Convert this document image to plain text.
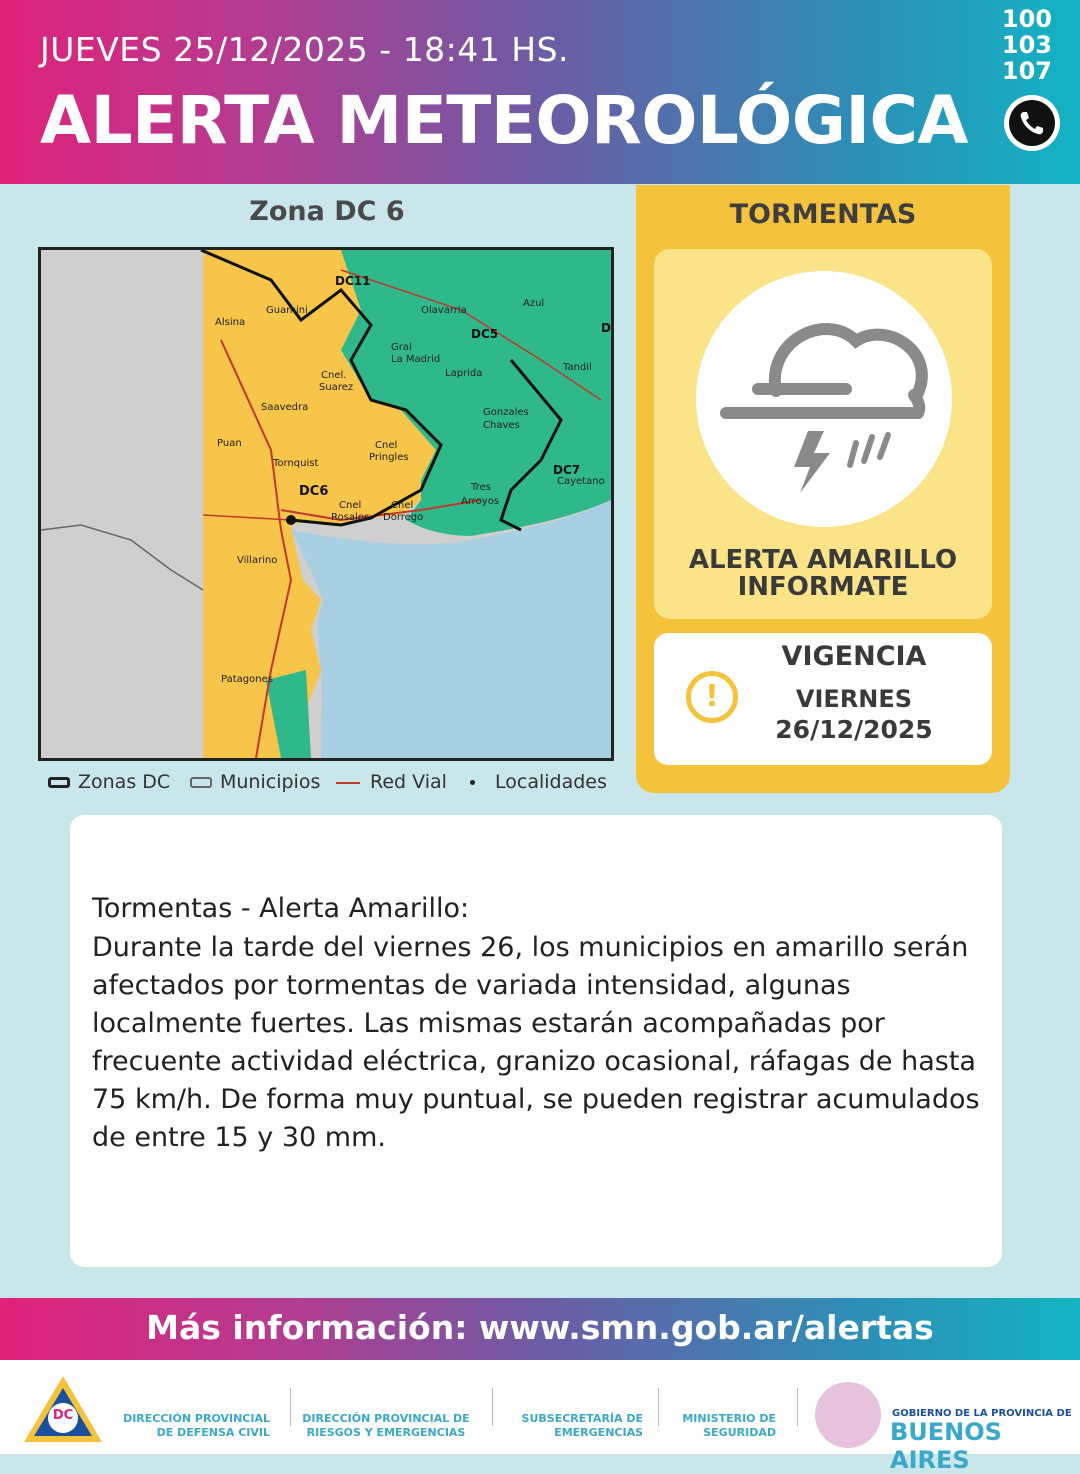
JUEVES 25/12/2025 - 18:41 HS.
ALERTA METEOROLÓGICA
100
103
107
Zona DC 6
DC11
DC5
DC7
DC6
D
Alsina
Guamini	Olavarria
Azul
Gral
La Madrid
Laprida
Tandil
Cnel.
Suarez
Saavedra
Puan	Cnel
Pringles
Gonzales
Chaves
Tornquist
Cnel
Rosales
Cnel
Dorrego
Tres
Arroyos
Villarino
Patagones
Cayetano
Zonas DC	Municipios	Red Vial	Localidades
TORMENTAS
ALERTA AMARILLO
INFORMATE
!
VIGENCIA
VIERNES
26/12/2025
Tormentas - Alerta Amarillo:
Durante la tarde del viernes 26, los municipios en amarillo serán afectados por tormentas de variada intensidad, algunas localmente fuertes. Las mismas estarán acompañadas por frecuente actividad eléctrica, granizo ocasional, ráfagas de hasta 75 km/h. De forma muy puntual, se pueden registrar acumulados de entre 15 y 30 mm.
Más información: www.smn.gob.ar/alertas
DC	DIRECCIÓN PROVINCIAL
DE DEFENSA CIVIL
DIRECCIÓN PROVINCIAL DE
RIESGOS Y EMERGENCIAS
SUBSECRETARÍA DE
EMERGENCIAS
MINISTERIO DE
SEGURIDAD
GOBIERNO DE LA PROVINCIA DE
BUENOS AIRES
